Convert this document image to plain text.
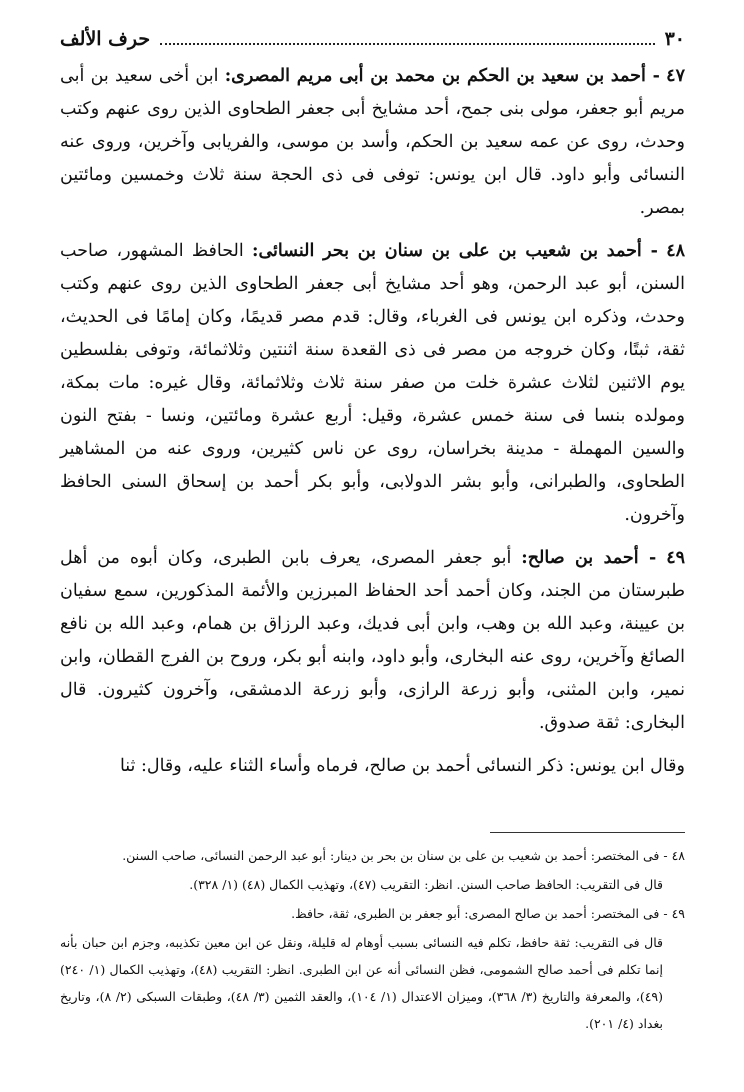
٣٠
حرف الألف

٤٧ - أحمد بن سعيد بن الحكم بن محمد بن أبى مريم المصرى: ابن أخى سعيد بن أبى مريم أبو جعفر، مولى بنى جمح، أحد مشايخ أبى جعفر الطحاوى الذين روى عنهم وكتب وحدث، روى عن عمه سعيد بن الحكم، وأسد بن موسى، والفريابى وآخرين، وروى عنه النسائى وأبو داود. قال ابن يونس: توفى فى ذى الحجة سنة ثلاث وخمسين ومائتين بمصر.

٤٨ - أحمد بن شعيب بن على بن سنان بن بحر النسائى: الحافظ المشهور، صاحب السنن، أبو عبد الرحمن، وهو أحد مشايخ أبى جعفر الطحاوى الذين روى عنهم وكتب وحدث، وذكره ابن يونس فى الغرباء، وقال: قدم مصر قديمًا، وكان إمامًا فى الحديث، ثقة، ثبتًا، وكان خروجه من مصر فى ذى القعدة سنة اثنتين وثلاثمائة، وتوفى بفلسطين يوم الاثنين لثلاث عشرة خلت من صفر سنة ثلاث وثلاثمائة، وقال غيره: مات بمكة، ومولده بنسا فى سنة خمس عشرة، وقيل: أربع عشرة ومائتين، ونسا - بفتح النون والسين المهملة - مدينة بخراسان، روى عن ناس كثيرين، وروى عنه من المشاهير الطحاوى، والطبرانى، وأبو بشر الدولابى، وأبو بكر أحمد بن إسحاق السنى الحافظ وآخرون.

٤٩ - أحمد بن صالح: أبو جعفر المصرى، يعرف بابن الطبرى، وكان أبوه من أهل طبرستان من الجند، وكان أحمد أحد الحفاظ المبرزين والأئمة المذكورين، سمع سفيان بن عيينة، وعبد الله بن وهب، وابن أبى فديك، وعبد الرزاق بن همام، وعبد الله بن نافع الصائغ وآخرين، روى عنه البخارى، وأبو داود، وابنه أبو بكر، وروح بن الفرج القطان، وابن نمير، وابن المثنى، وأبو زرعة الرازى، وأبو زرعة الدمشقى، وآخرون كثيرون. قال البخارى: ثقة صدوق.

وقال ابن يونس: ذكر النسائى أحمد بن صالح، فرماه وأساء الثناء عليه، وقال: ثنا

٤٨ - فى المختصر: أحمد بن شعيب بن على بن سنان بن بحر بن دينار: أبو عبد الرحمن النسائى، صاحب السنن.

قال فى التقريب: الحافظ صاحب السنن. انظر: التقريب (٤٧)، وتهذيب الكمال (٤٨) (١/ ٣٢٨).

٤٩ - فى المختصر: أحمد بن صالح المصرى: أبو جعفر بن الطبرى، ثقة، حافظ.

قال فى التقريب: ثقة حافظ، تكلم فيه النسائى بسبب أوهام له قليلة، ونقل عن ابن معين تكذيبه، وجزم ابن حبان بأنه إنما تكلم فى أحمد صالح الشمومى، فظن النسائى أنه عن ابن الطبرى. انظر: التقريب (٤٨)، وتهذيب الكمال (١/ ٢٤٠) (٤٩)، والمعرفة والتاريخ (٣/ ٣٦٨)، وميزان الاعتدال (١/ ١٠٤)، والعقد الثمين (٣/ ٤٨)، وطبقات السبكى (٢/ ٨)، وتاريخ بغداد (٤/ ٢٠١).
